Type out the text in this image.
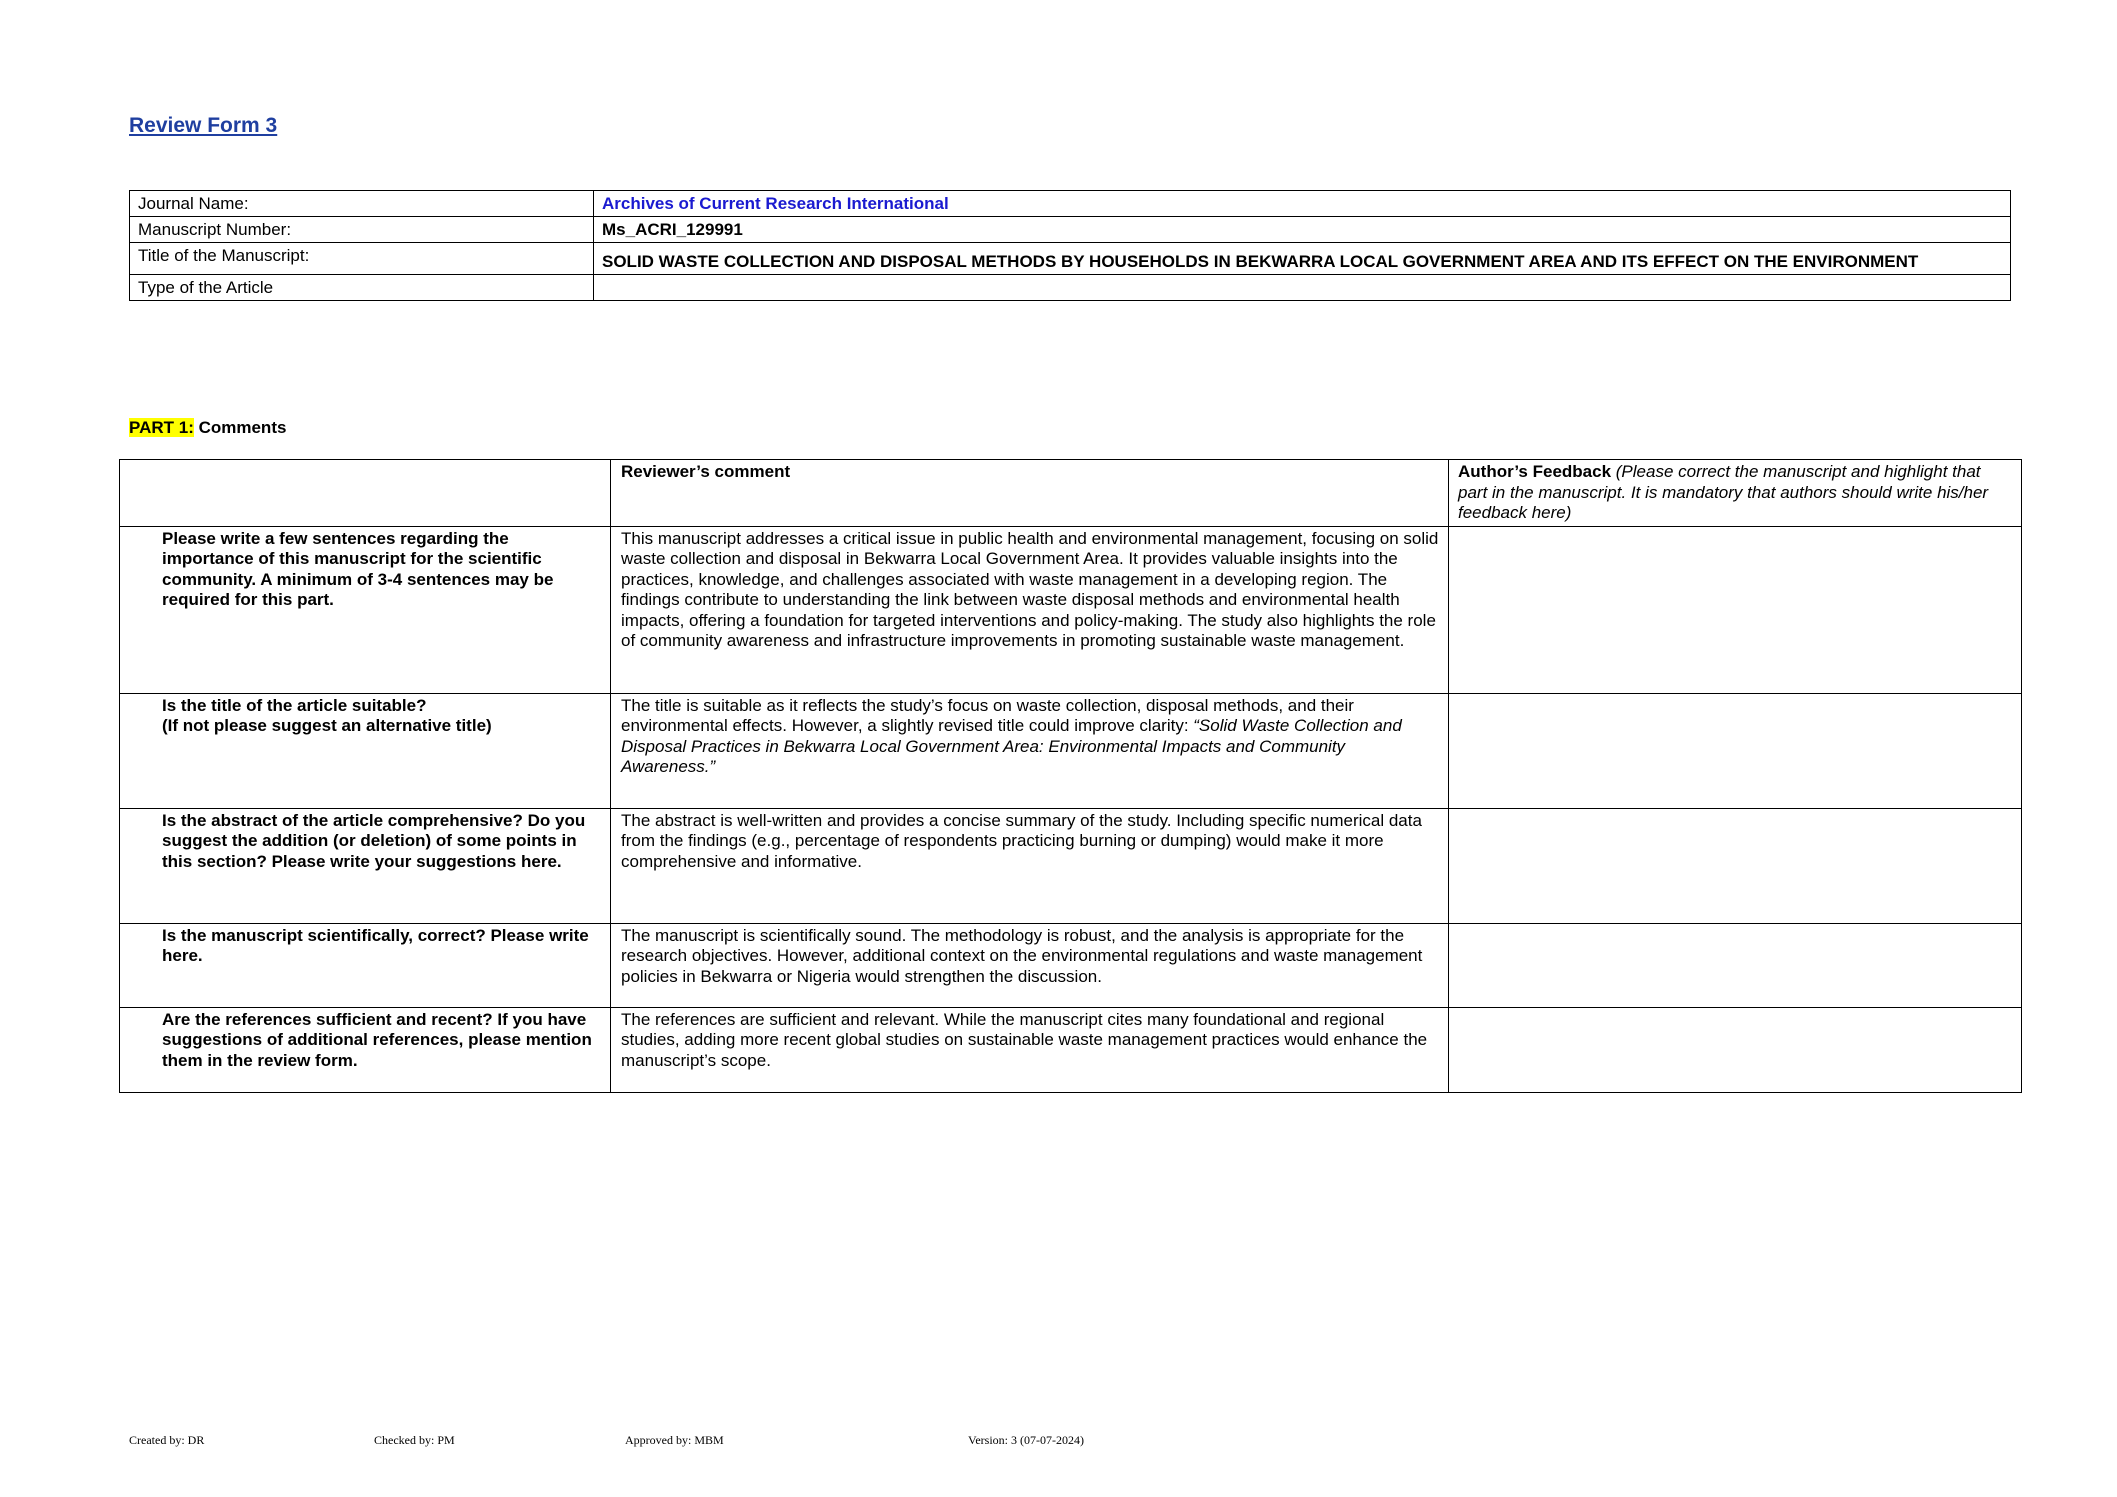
Review Form 3
Journal Name:	Archives of Current Research International
Manuscript Number:	Ms_ACRI_129991
Title of the Manuscript:	SOLID WASTE COLLECTION AND DISPOSAL METHODS BY HOUSEHOLDS IN BEKWARRA LOCAL GOVERNMENT AREA AND ITS EFFECT ON THE ENVIRONMENT
Type of the Article	
PART 1: Comments
	Reviewer’s comment	Author’s Feedback (Please correct the manuscript and highlight that part in the manuscript. It is mandatory that authors should write his/her feedback here)
Please write a few sentences regarding the importance of this manuscript for the scientific community. A minimum of 3-4 sentences may be required for this part.	This manuscript addresses a critical issue in public health and environmental management, focusing on solid waste collection and disposal in Bekwarra Local Government Area. It provides valuable insights into the practices, knowledge, and challenges associated with waste management in a developing region. The findings contribute to understanding the link between waste disposal methods and environmental health impacts, offering a foundation for targeted interventions and policy-making. The study also highlights the role of community awareness and infrastructure improvements in promoting sustainable waste management.	

Is the title of the article suitable?
(If not please suggest an alternative title)	The title is suitable as it reflects the study’s focus on waste collection, disposal methods, and their environmental effects. However, a slightly revised title could improve clarity: “Solid Waste Collection and Disposal Practices in Bekwarra Local Government Area: Environmental Impacts and Community Awareness.”	
Is the abstract of the article comprehensive? Do you suggest the addition (or deletion) of some points in this section? Please write your suggestions here.	The abstract is well-written and provides a concise summary of the study. Including specific numerical data from the findings (e.g., percentage of respondents practicing burning or dumping) would make it more comprehensive and informative.	
Is the manuscript scientifically, correct? Please write here.	The manuscript is scientifically sound. The methodology is robust, and the analysis is appropriate for the research objectives. However, additional context on the environmental regulations and waste management policies in Bekwarra or Nigeria would strengthen the discussion.	
Are the references sufficient and recent? If you have suggestions of additional references, please mention them in the review form.	The references are sufficient and relevant. While the manuscript cites many foundational and regional studies, adding more recent global studies on sustainable waste management practices would enhance the manuscript’s scope.	
Created by: DR	Checked by: PM	Approved by: MBM	Version: 3 (07-07-2024)
